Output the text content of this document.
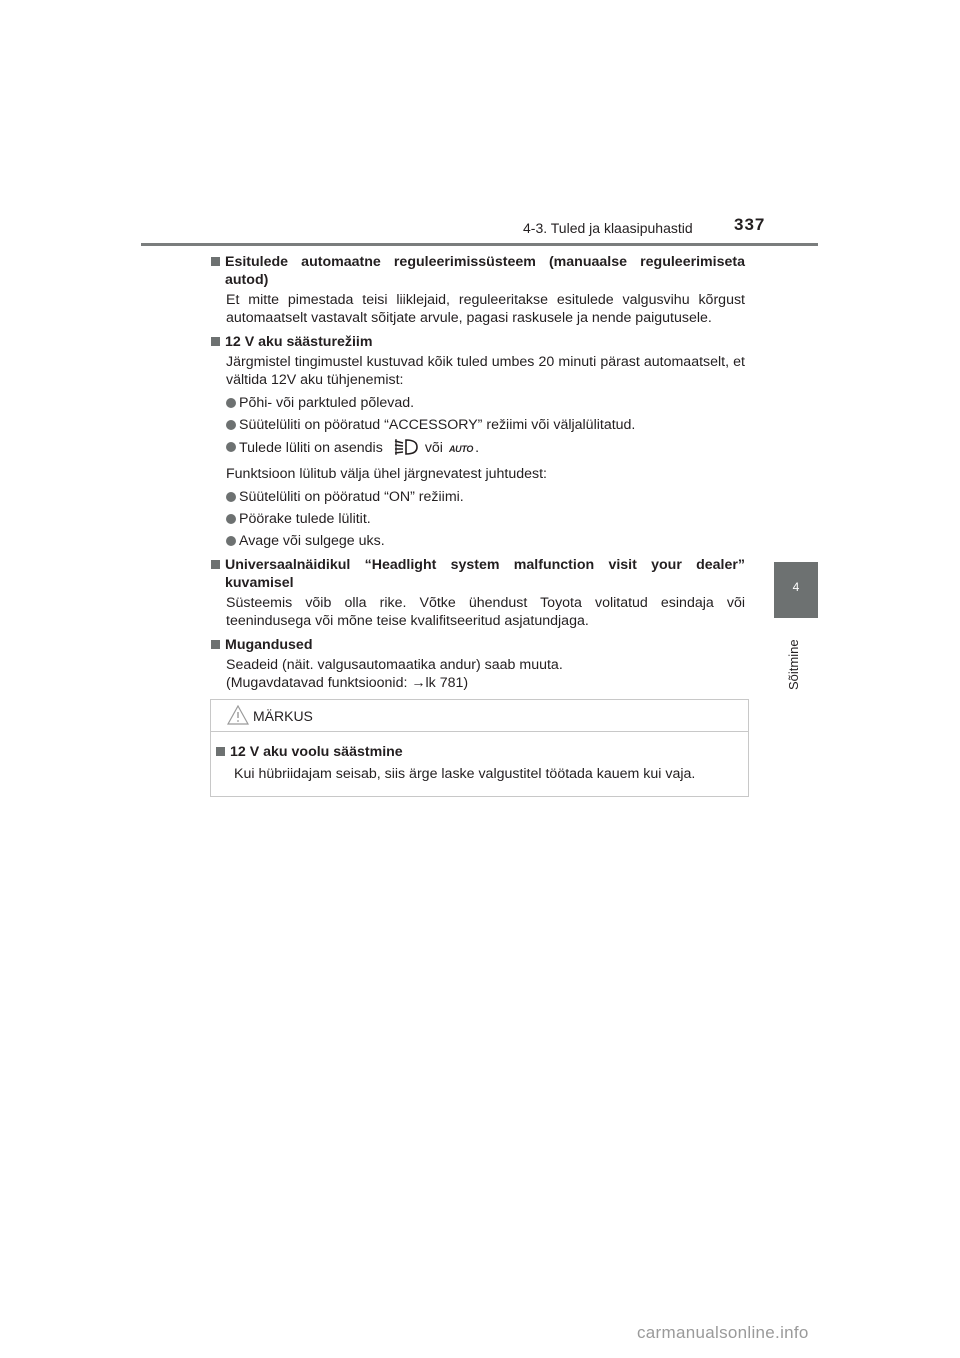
4-3. Tuled ja klaasipuhastid 337
4
Sõitmine
Esitulede automaatne reguleerimissüsteem (manuaalse reguleerimiseta autod)
Et mitte pimestada teisi liiklejaid, reguleeritakse esitulede valgusvihu kõrgust automaatselt vastavalt sõitjate arvule, pagasi raskusele ja nende paigutusele.
12 V aku säästurežiim
Järgmistel tingimustel kustuvad kõik tuled umbes 20 minuti pärast automaatselt, et vältida 12V aku tühjenemist:
Põhi- või parktuled põlevad.
Süütelüliti on pööratud “ACCESSORY” režiimi või väljalülitatud.
Tulede lüliti on asendis	või AUTO .
Funktsioon lülitub välja ühel järgnevatest juhtudest:
Süütelüliti on pööratud “ON” režiimi.
Pöörake tulede lülitit.
Avage või sulgege uks.
Universaalnäidikul “Headlight system malfunction visit your dealer” kuvamisel
Süsteemis võib olla rike. Võtke ühendust Toyota volitatud esindaja või teenindusega või mõne teise kvalifitseeritud asjatundjaga.
Mugandused
Seadeid (näit. valgusautomaatika andur) saab muuta.
(Mugavdatavad funktsioonid: →lk 781)
MÄRKUS
12 V aku voolu säästmine
Kui hübriidajam seisab, siis ärge laske valgustitel töötada kauem kui vaja.
carmanualsonline.info
